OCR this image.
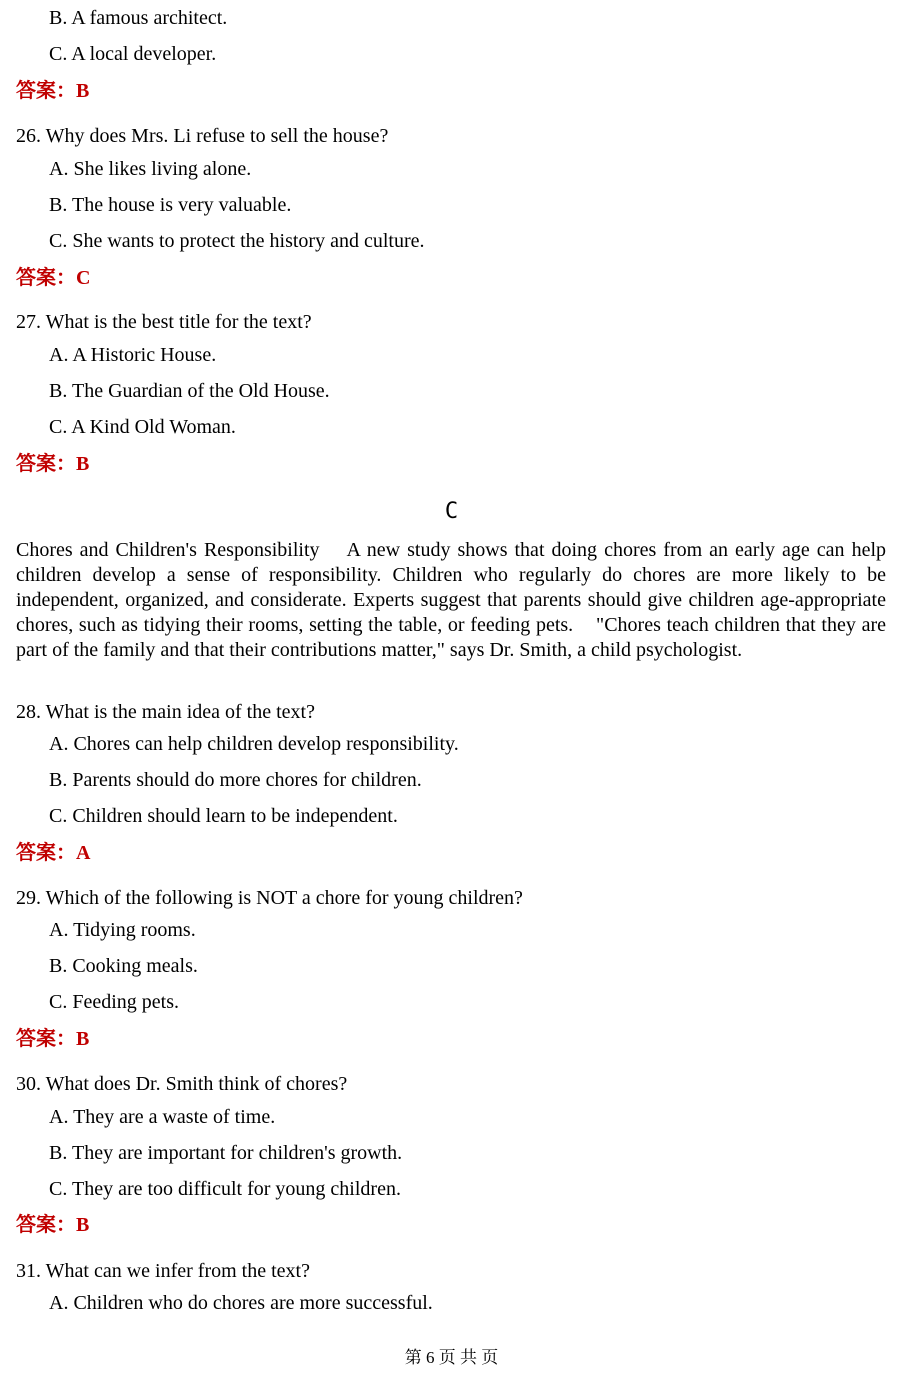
B. A famous architect.
C. A local developer.
答案：B
26. Why does Mrs. Li refuse to sell the house?
A. She likes living alone.
B. The house is very valuable.
C. She wants to protect the history and culture.
答案：C
27. What is the best title for the text?
A. A Historic House.
B. The Guardian of the Old House.
C. A Kind Old Woman.
答案：B
C
Chores and Children's Responsibility    A new study shows that doing chores from an early age can help children develop a sense of responsibility. Children who regularly do chores are more likely to be independent, organized, and considerate. Experts suggest that parents should give children age-appropriate chores, such as tidying their rooms, setting the table, or feeding pets.    "Chores teach children that they are part of the family and that their contributions matter," says Dr. Smith, a child psychologist.
28. What is the main idea of the text?
A. Chores can help children develop responsibility.
B. Parents should do more chores for children.
C. Children should learn to be independent.
答案：A
29. Which of the following is NOT a chore for young children?
A. Tidying rooms.
B. Cooking meals.
C. Feeding pets.
答案：B
30. What does Dr. Smith think of chores?
A. They are a waste of time.
B. They are important for children's growth.
C. They are too difficult for young children.
答案：B
31. What can we infer from the text?
A. Children who do chores are more successful.
第 6 页 共 页
